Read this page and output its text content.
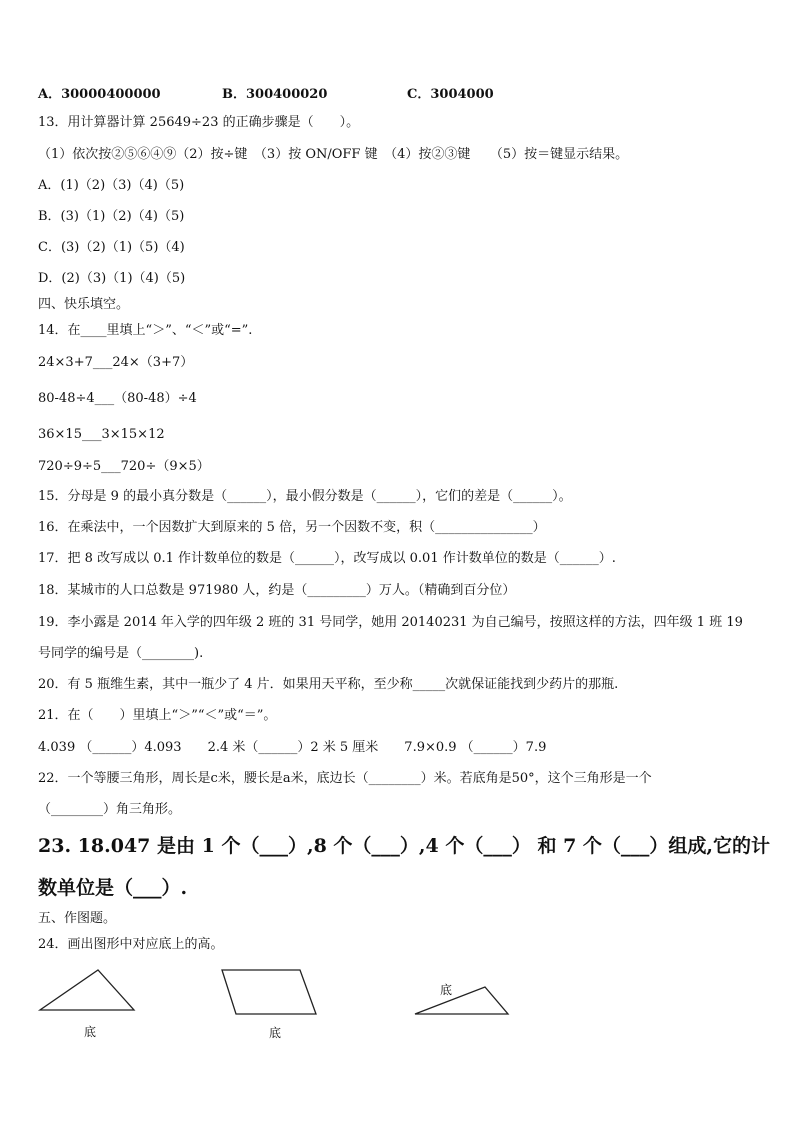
A．30000400000	B．300400020	C．3004000
13．用计算器计算 25649÷23 的正确步骤是（　　）。
（1）依次按②⑤⑥④⑨（2）按÷键　（3）按 ON/OFF 键　（4）按②③键　　（5）按＝键显示结果。
A．(1)（2)（3)（4)（5)
B．(3)（1)（2)（4)（5)
C．(3)（2)（1)（5)（4)
D．(2)（3)（1)（4)（5)
四、快乐填空。
14．在____里填上“＞”、“＜”或“=”.
24×3+7___24×（3+7）
80-48÷4___（80-48）÷4
36×15___3×15×12
720÷9÷5___720÷（9×5）
15．分母是 9 的最小真分数是（______），最小假分数是（______），它们的差是（______）。
16．在乘法中，一个因数扩大到原来的 5 倍，另一个因数不变，积（_______________）
17．把 8 改写成以 0.1 作计数单位的数是（______），改写成以 0.01 作计数单位的数是（______）.
18．某城市的人口总数是 971980 人，约是（_________）万人。（精确到百分位）
19．李小露是 2014 年入学的四年级 2 班的 31 号同学，她用 20140231 为自己编号，按照这样的方法，四年级 1 班 19
号同学的编号是（________).
20．有 5 瓶维生素，其中一瓶少了 4 片．如果用天平称，至少称_____次就保证能找到少药片的那瓶.
21．在（　　）里填上“＞”“＜”或“＝”。
4.039 （______）4.093　　2.4 米（______）2 米 5 厘米　　7.9×0.9 （______）7.9
22．一个等腰三角形，周长是c米，腰长是a米，底边长（________）米。若底角是50°，这个三角形是一个
（________）角三角形。
23. 18.047 是由 1 个（___）,8 个（___）,4 个（___） 和 7 个（___）组成,它的计
数单位是（___）.
五、作图题。
24．画出图形中对应底上的高。
底	底
底
